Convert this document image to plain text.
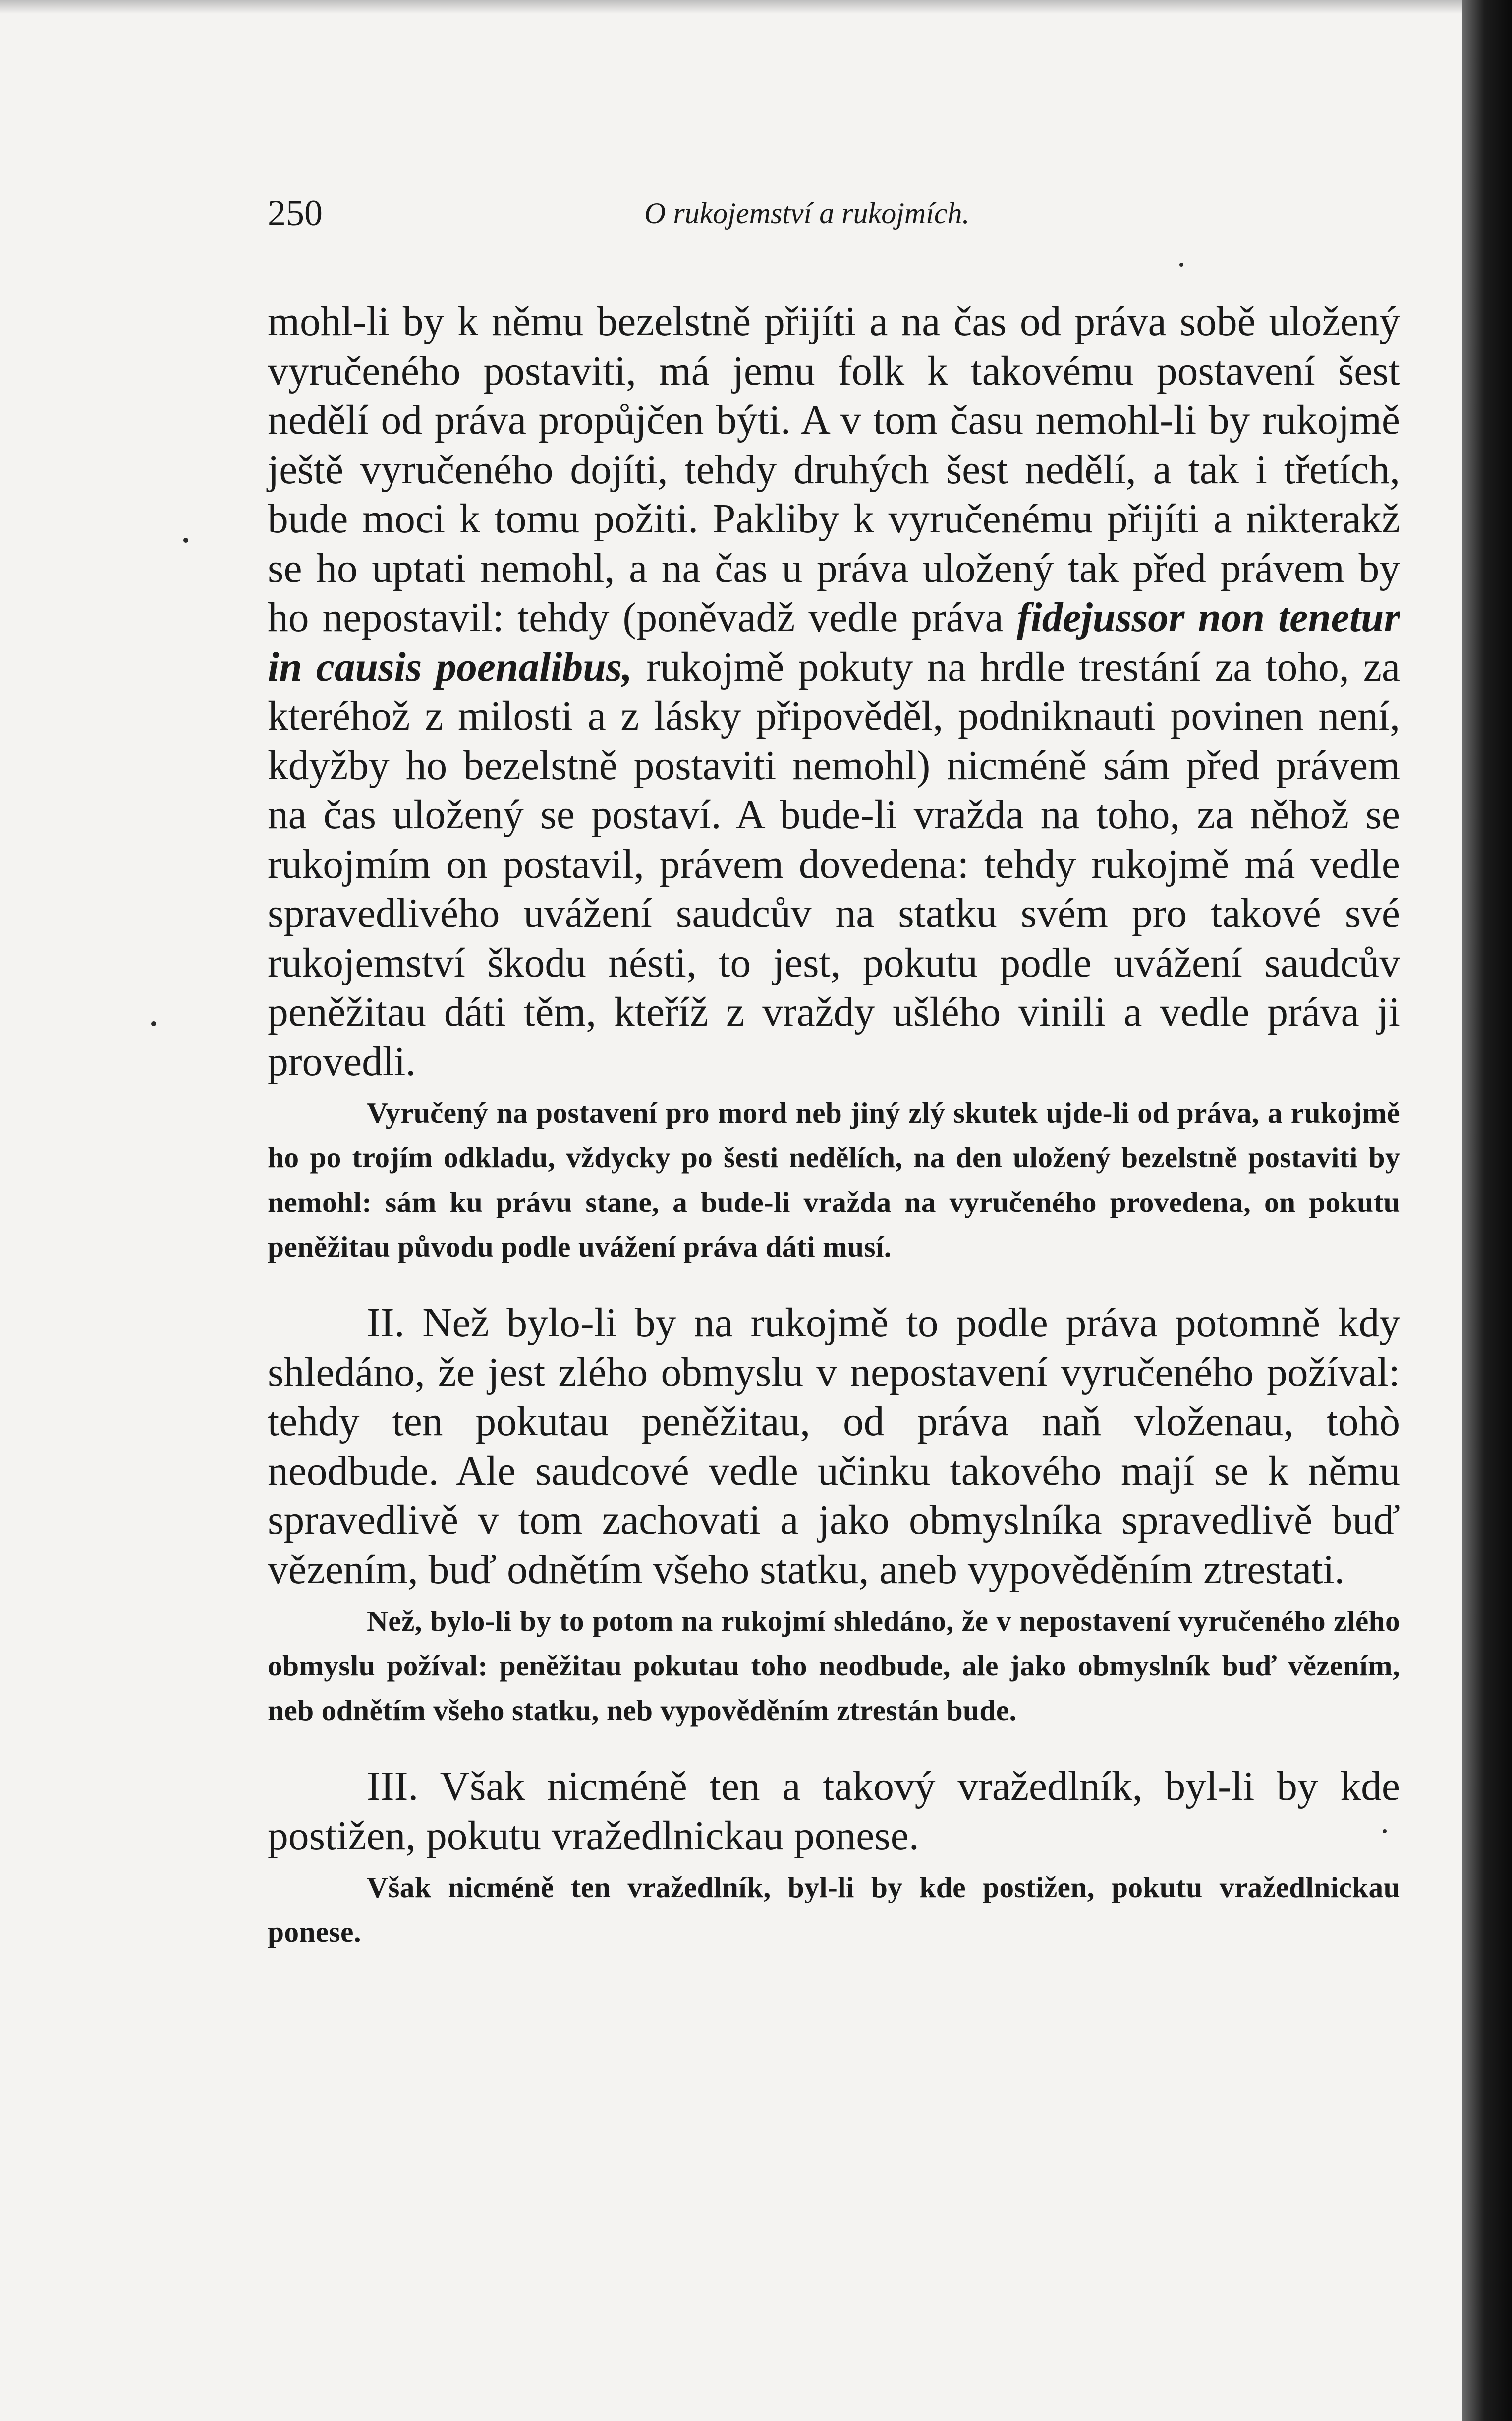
250	O rukojemství a rukojmích.

mohl-li by k němu bezelstně přijíti a na čas od práva sobě uložený vyručeného postaviti, má jemu folk k takovému postavení šest nedělí od práva propůjčen býti. A v tom času nemohl-li by rukojmě ještě vyručeného dojíti, tehdy druhých šest nedělí, a tak i třetích, bude moci k tomu požiti. Pakliby k vyručenému přijíti a nikterakž se ho uptati nemohl, a na čas u práva uložený tak před právem by ho nepostavil: tehdy (poněvadž vedle práva fidejussor non tenetur in causis poenalibus, rukojmě pokuty na hrdle trestání za toho, za kteréhož z milosti a z lásky připověděl, podniknauti povinen není, kdyžby ho bezelstně postaviti nemohl) nicméně sám před právem na čas uložený se postaví. A bude-li vražda na toho, za něhož se rukojmím on postavil, právem dovedena: tehdy rukojmě má vedle spravedlivého uvážení saudcův na statku svém pro takové své rukojemství škodu nésti, to jest, pokutu podle uvážení saudcův peněžitau dáti těm, kteříž z vraždy ušlého vinili a vedle práva ji provedli.

Vyručený na postavení pro mord neb jiný zlý skutek ujde-li od práva, a rukojmě ho po trojím odkladu, vždycky po šesti nedělích, na den uložený bezelstně postaviti by nemohl: sám ku právu stane, a bude-li vražda na vyručeného provedena, on pokutu peněžitau původu podle uvážení práva dáti musí.

II. Než bylo-li by na rukojmě to podle práva potomně kdy shledáno, že jest zlého obmyslu v nepostavení vyručeného požíval: tehdy ten pokutau peněžitau, od práva naň vloženau, tohò neodbude. Ale saudcové vedle učinku takového mají se k němu spravedlivě v tom zachovati a jako obmyslníka spravedlivě buď vězením, buď odnětím všeho statku, aneb vypověděním ztrestati.

Než, bylo-li by to potom na rukojmí shledáno, že v nepostavení vyručeného zlého obmyslu požíval: peněžitau pokutau toho neodbude, ale jako obmyslník buď vězením, neb odnětím všeho statku, neb vypověděním ztrestán bude.

III. Však nicméně ten a takový vražedlník, byl-li by kde postižen, pokutu vražedlnickau ponese.

Však nicméně ten vražedlník, byl-li by kde postižen, pokutu vražedlnickau ponese.
